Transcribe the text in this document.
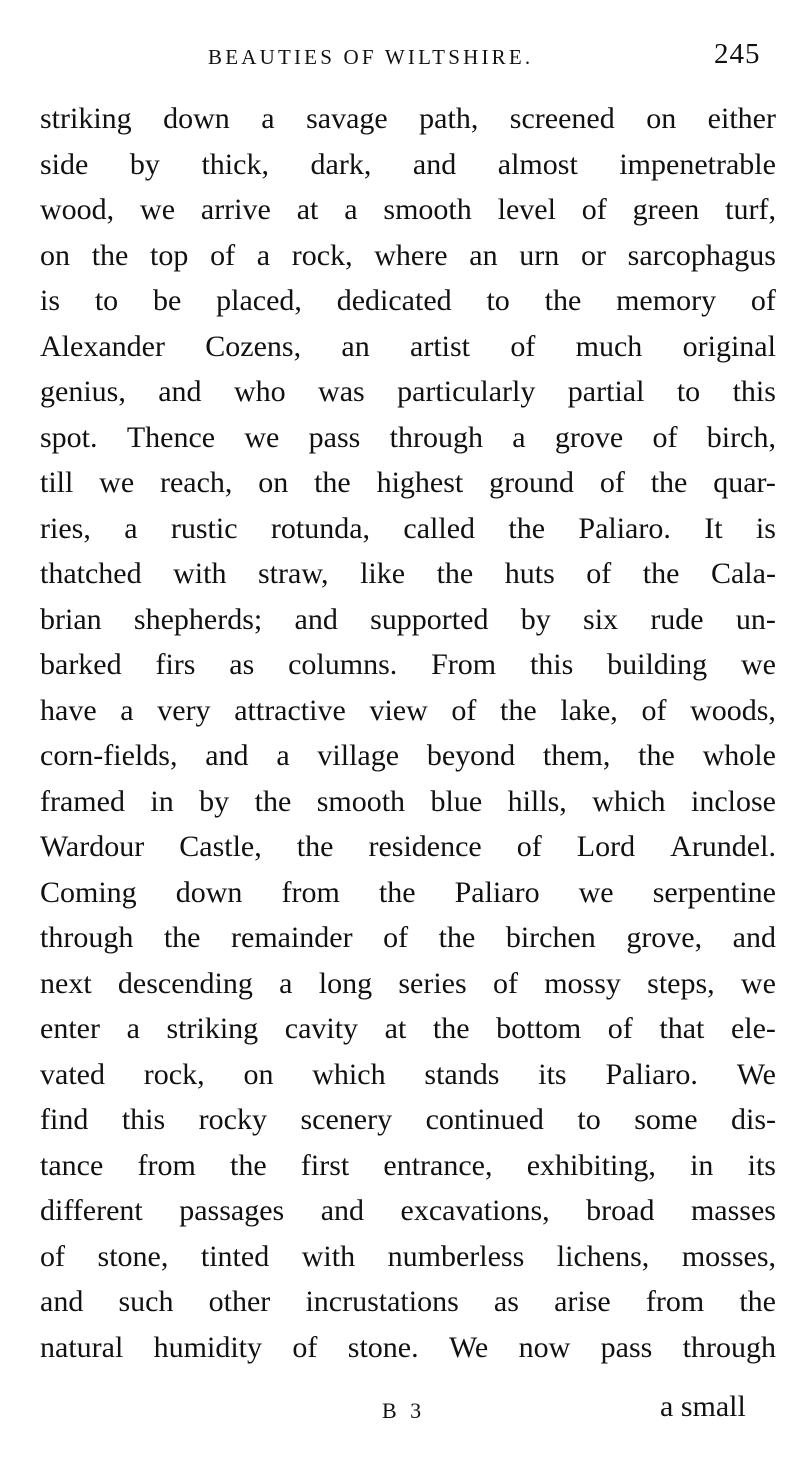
BEAUTIES OF WILTSHIRE.	245
striking down a savage path, screened on either
side by thick, dark, and almost impenetrable
wood, we arrive at a smooth level of green turf,
on the top of a rock, where an urn or sarcophagus
is to be placed, dedicated to the memory of
Alexander Cozens, an artist of much original
genius, and who was particularly partial to this
spot. Thence we pass through a grove of birch,
till we reach, on the highest ground of the quar-
ries, a rustic rotunda, called the Paliaro. It is
thatched with straw, like the huts of the Cala-
brian shepherds; and supported by six rude un-
barked firs as columns. From this building we
have a very attractive view of the lake, of woods,
corn-fields, and a village beyond them, the whole
framed in by the smooth blue hills, which inclose
Wardour Castle, the residence of Lord Arundel.
Coming down from the Paliaro we serpentine
through the remainder of the birchen grove, and
next descending a long series of mossy steps, we
enter a striking cavity at the bottom of that ele-
vated rock, on which stands its Paliaro. We
find this rocky scenery continued to some dis-
tance from the first entrance, exhibiting, in its
different passages and excavations, broad masses
of stone, tinted with numberless lichens, mosses,
and such other incrustations as arise from the
natural humidity of stone. We now pass through
B 3	a small
